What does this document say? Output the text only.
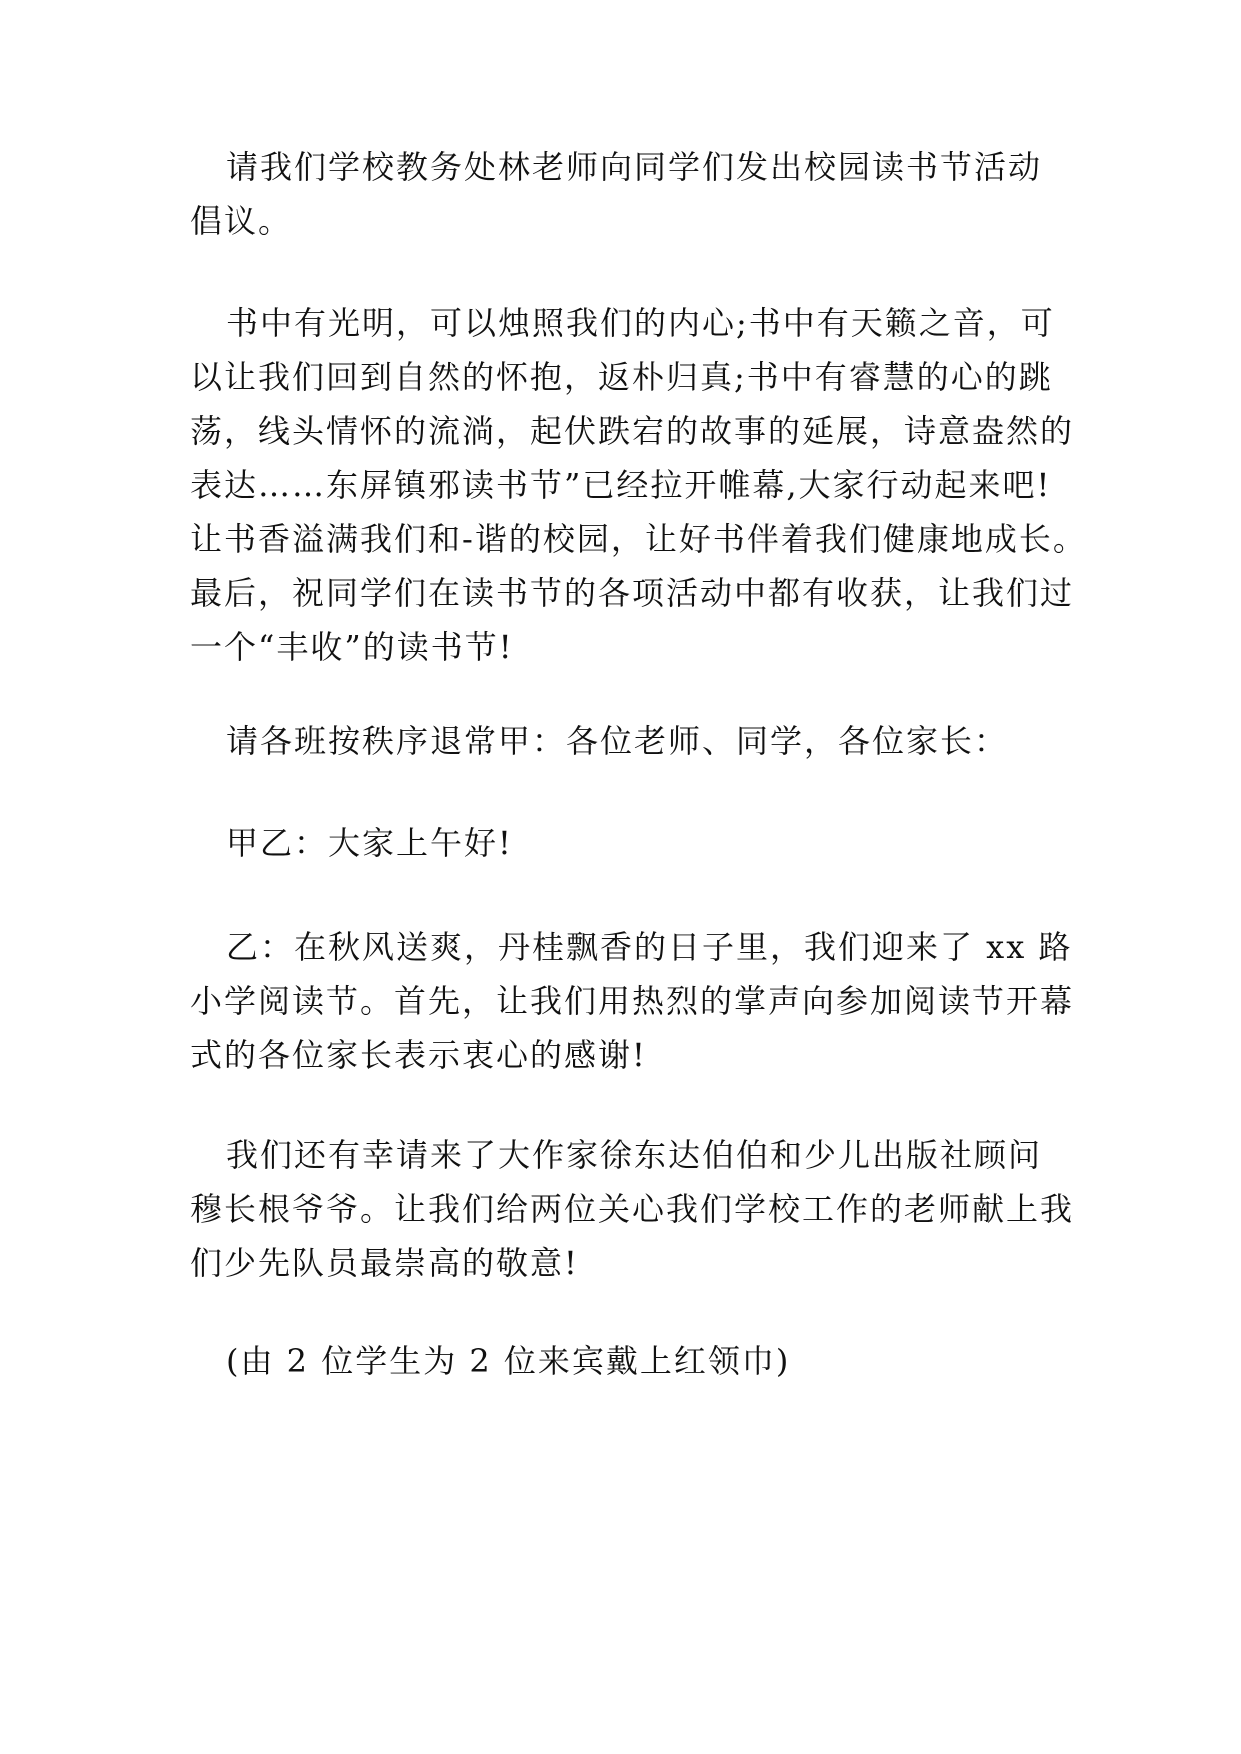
请我们学校教务处林老师向同学们发出校园读书节活动
倡议。

书中有光明，可以烛照我们的内心;书中有天籁之音，可
以让我们回到自然的怀抱，返朴归真;书中有睿慧的心的跳
荡，线头情怀的流淌，起伏跌宕的故事的延展，诗意盎然的
表达……东屏镇邪读书节”已经拉开帷幕,大家行动起来吧!
让书香溢满我们和-谐的校园，让好书伴着我们健康地成长。
最后，祝同学们在读书节的各项活动中都有收获，让我们过
一个“丰收”的读书节!

请各班按秩序退常甲：各位老师、同学，各位家长：

甲乙：大家上午好!

乙：在秋风送爽，丹桂飘香的日子里，我们迎来了 xx 路
小学阅读节。首先，让我们用热烈的掌声向参加阅读节开幕
式的各位家长表示衷心的感谢!

我们还有幸请来了大作家徐东达伯伯和少儿出版社顾问
穆长根爷爷。让我们给两位关心我们学校工作的老师献上我
们少先队员最崇高的敬意!

(由 2 位学生为 2 位来宾戴上红领巾)
